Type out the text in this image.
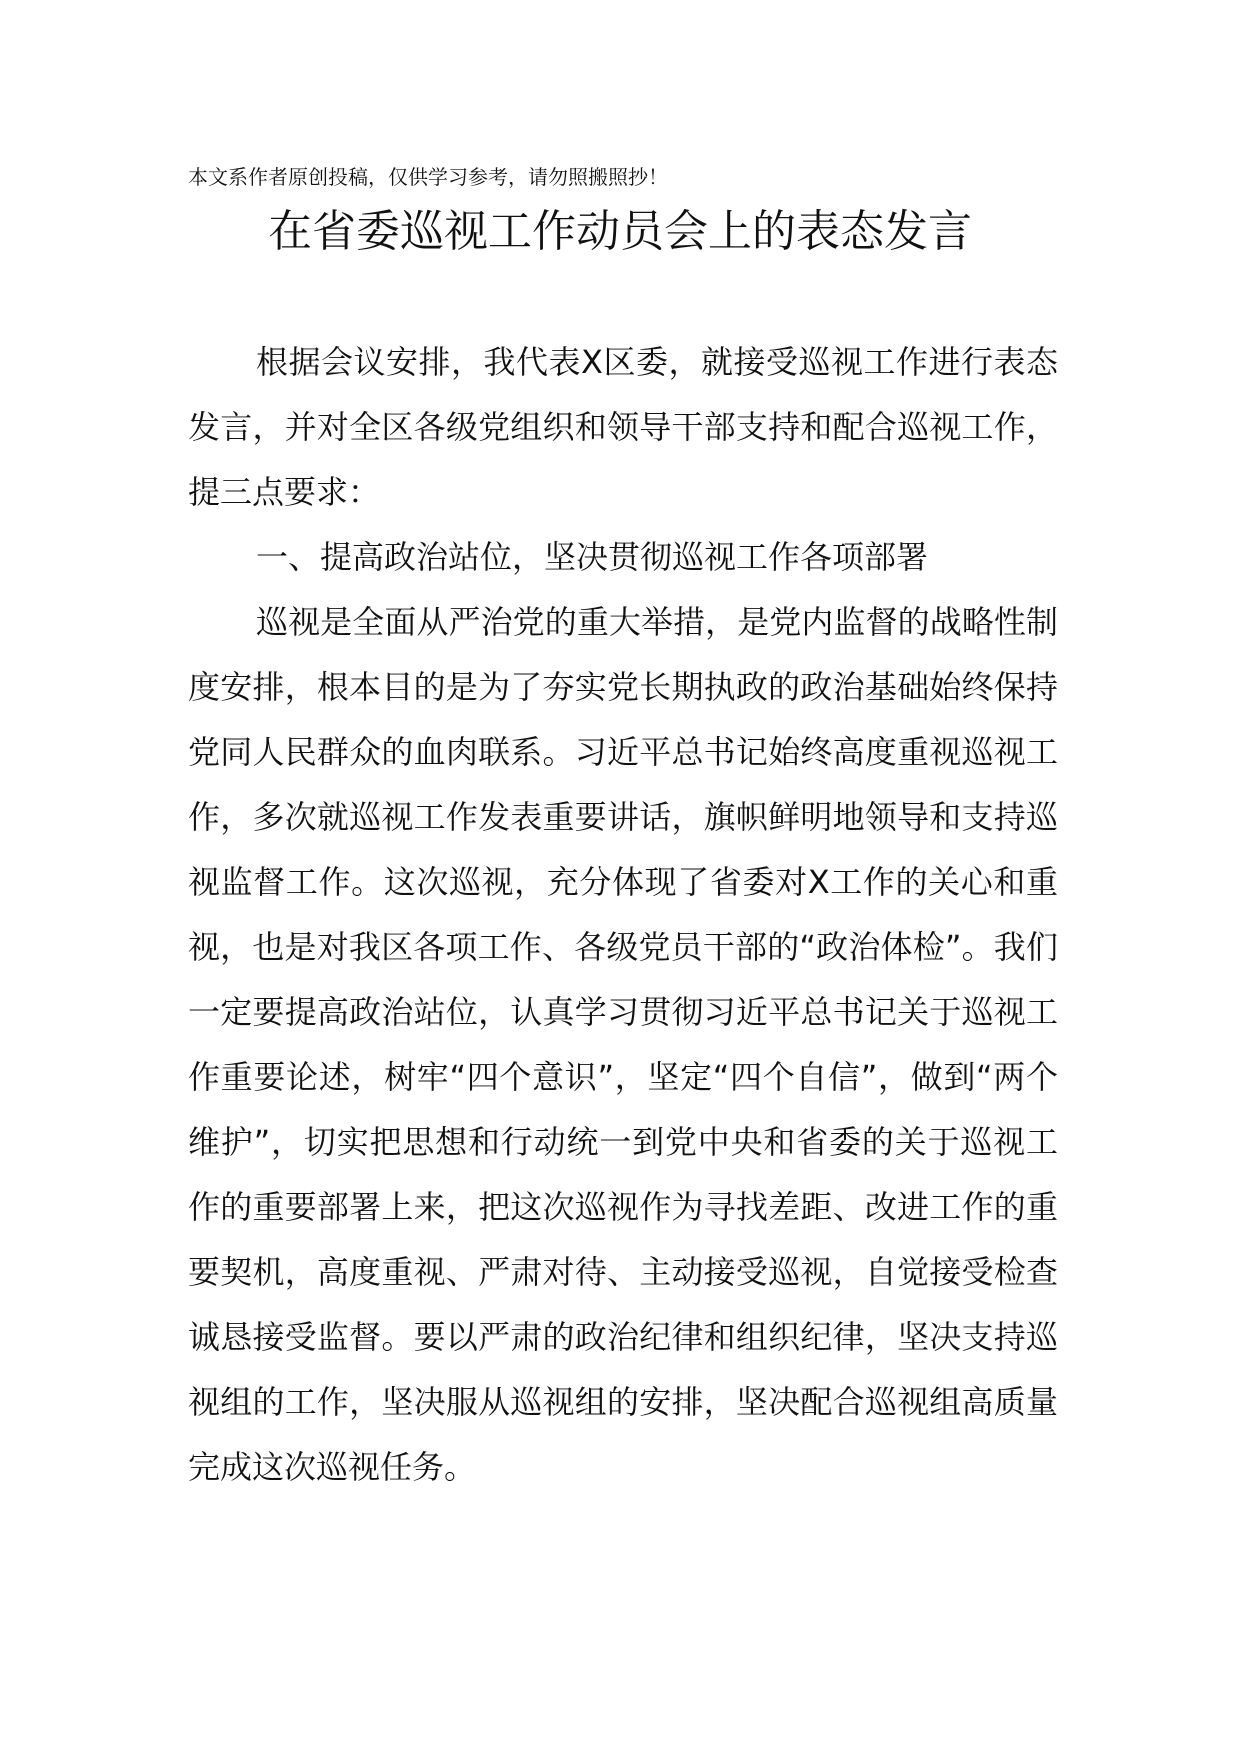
本文系作者原创投稿，仅供学习参考，请勿照搬照抄！
在省委巡视工作动员会上的表态发言

根据会议安排，我代表X区委，就接受巡视工作进行表态发言，并对全区各级党组织和领导干部支持和配合巡视工作，提三点要求：

一、提高政治站位，坚决贯彻巡视工作各项部署

巡视是全面从严治党的重大举措，是党内监督的战略性制度安排，根本目的是为了夯实党长期执政的政治基础始终保持党同人民群众的血肉联系。习近平总书记始终高度重视巡视工作，多次就巡视工作发表重要讲话，旗帜鲜明地领导和支持巡视监督工作。这次巡视，充分体现了省委对X工作的关心和重视，也是对我区各项工作、各级党员干部的“政治体检”。我们一定要提高政治站位，认真学习贯彻习近平总书记关于巡视工作重要论述，树牢“四个意识”，坚定“四个自信”，做到“两个维护”，切实把思想和行动统一到党中央和省委的关于巡视工作的重要部署上来，把这次巡视作为寻找差距、改进工作的重要契机，高度重视、严肃对待、主动接受巡视，自觉接受检查诚恳接受监督。要以严肃的政治纪律和组织纪律，坚决支持巡视组的工作，坚决服从巡视组的安排，坚决配合巡视组高质量完成这次巡视任务。
